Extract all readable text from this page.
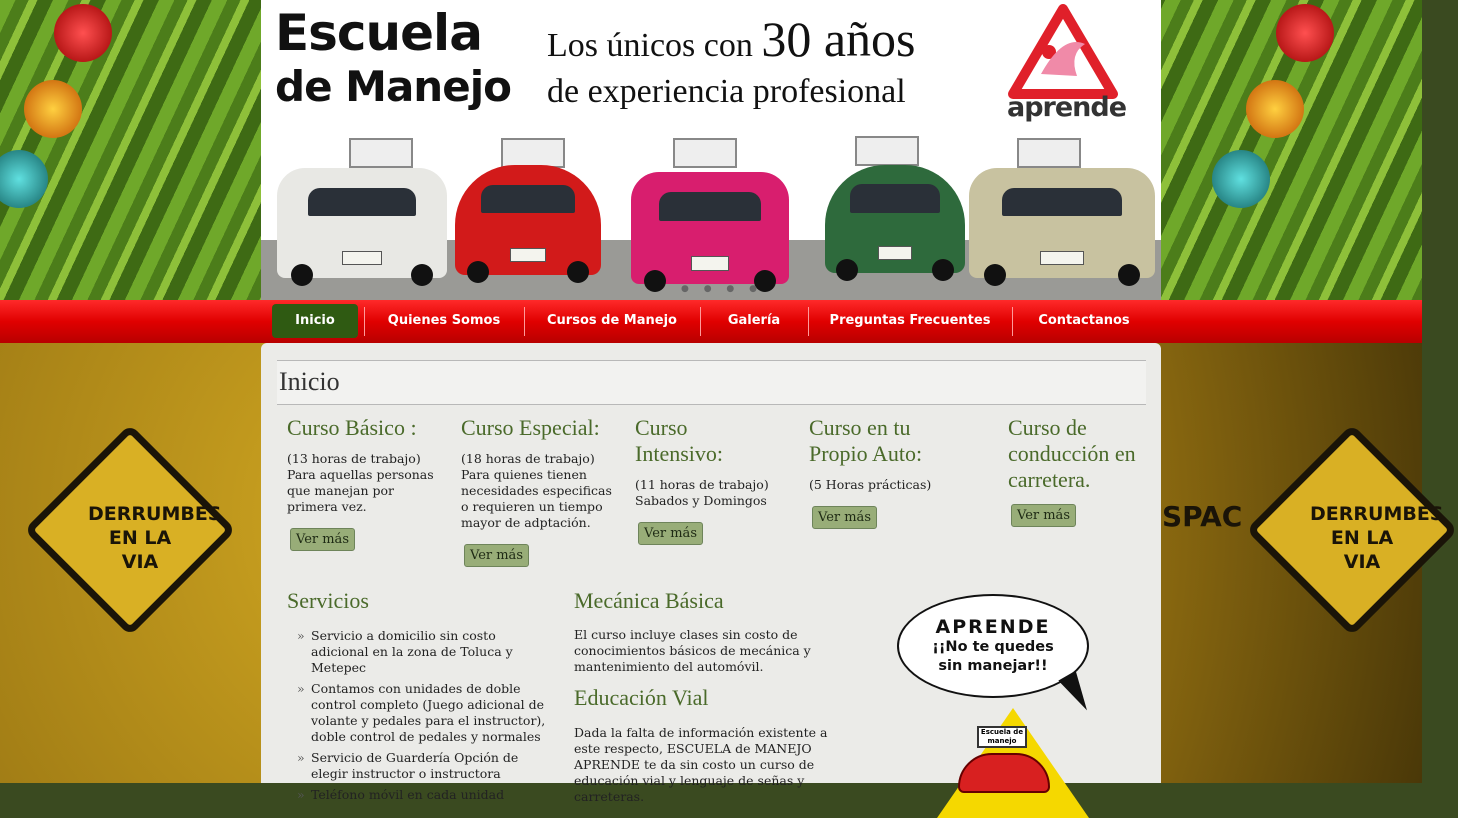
DERRUMBES EN LA VIA
DERRUMBES EN LA VIA
SPAC
Escuela
de Manejo
Los únicos con 30 años
de experiencia profesional	aprende
● ● ● ●
Inicio	Quienes Somos	Cursos de Manejo	Galería	Preguntas Frecuentes	Contactanos
Inicio
Curso Básico :
(13 horas de trabajo) Para aquellas personas que manejan por primera vez.
Ver más
Curso Especial:
(18 horas de trabajo) Para quienes tienen necesidades especificas o requieren un tiempo mayor de adptación.
Ver más
Curso Intensivo:
(11 horas de trabajo) Sabados y Domingos
Ver más
Curso en tu Propio Auto:
(5 Horas prácticas)
Ver más
Curso de conducción en carretera.
Ver más
Servicios
» Servicio a domicilio sin costo adicional en la zona de Toluca y Metepec
» Contamos con unidades de doble control completo (Juego adicional de volante y pedales para el instructor), doble control de pedales y normales
» Servicio de Guardería Opción de elegir instructor o instructora
» Teléfono móvil en cada unidad
Mecánica Básica
El curso incluye clases sin costo de conocimientos básicos de mecánica y mantenimiento del automóvil.
Educación Vial
Dada la falta de información existente a este respecto, ESCUELA de MANEJO APRENDE te da sin costo un curso de educación vial y lenguaje de señas y carreteras.
APRENDE
¡¡No te quedes
sin manejar!!
Escuela de manejo
